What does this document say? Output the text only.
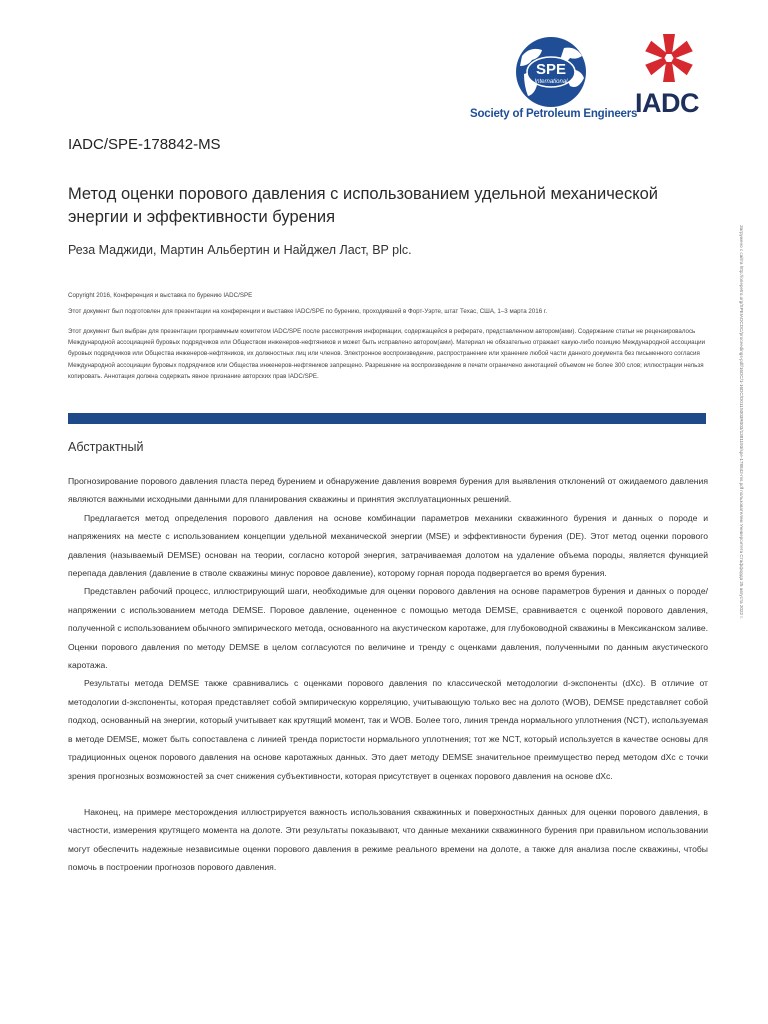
SPE
International
Society of Petroleum Engineers
IADC
IADC/SPE-178842-MS
Метод оценки порового давления с использованием удельной механической энергии и эффективности бурения
Реза Маджиди, Мартин Альбертин и Найджел Ласт, BP plc.
Copyright 2016, Конференция и выставка по бурению IADC/SPE
Этот документ был подготовлен для презентации на конференции и выставке IADC/SPE по бурению, проходившей в Форт-Уэрте, штат Техас, США, 1–3 марта 2016 г.
Этот документ был выбран для презентации программным комитетом IADC/SPE после рассмотрения информации, содержащейся в реферате, представленном автором(ами). Содержание статьи не рецензировалось Международной ассоциацией буровых подрядчиков или Обществом инженеров-нефтяников и может быть исправлено автором(ами). Материал не обязательно отражает какую-либо позицию Международной ассоциации буровых подрядчиков или Общества инженеров-нефтяников, их должностных лиц или членов. Электронное воспроизведение, распространение или хранение любой части данного документа без письменного согласия Международной ассоциации буровых подрядчиков или Общества инженеров-нефтяников запрещено. Разрешение на воспроизведение в печати ограничено аннотацией объемом не более 300 слов; иллюстрации нельзя копировать. Аннотация должна содержать явное признание авторских прав IADC/SPE.
Абстрактный

Прогнозирование порового давления пласта перед бурением и обнаружение давления вовремя бурения для выявления отклонений от ожидаемого давления являются важными исходными данными для планирования скважины и принятия эксплуатационных решений.

Предлагается метод определения порового давления на основе комбинации параметров механики скважинного бурения и данных о породе и напряжениях на месте с использованием концепции удельной механической энергии (MSE) и эффективности бурения (DE). Этот метод оценки порового давления (называемый DEMSE) основан на теории, согласно которой энергия, затрачиваемая долотом на удаление объема породы, является функцией перепада давления (давление в стволе скважины минус поровое давление), которому горная порода подвергается во время бурения.

Представлен рабочий процесс, иллюстрирующий шаги, необходимые для оценки порового давления на основе параметров бурения и данных о породе/напряжении с использованием метода DEMSE. Поровое давление, оцененное с помощью метода DEMSE, сравнивается с оценкой порового давления, полученной с использованием обычного эмпирического метода, основанного на акустическом каротаже, для глубоководной скважины в Мексиканском заливе. Оценки порового давления по методу DEMSE в целом согласуются по величине и тренду с оценками давления, полученными по данным акустического каротажа.

Результаты метода DEMSE также сравнивались с оценками порового давления по классической методологии d-экспоненты (dXc). В отличие от методологии d-экспоненты, которая представляет собой эмпирическую корреляцию, учитывающую только вес на долото (WOB), DEMSE представляет собой подход, основанный на энергии, который учитывает как крутящий момент, так и WOB. Более того, линия тренда нормального уплотнения (NCT), используемая в методе DEMSE, может быть сопоставлена с линией тренда пористости нормального уплотнения; тот же NCT, который используется в качестве основы для традиционных оценок порового давления на основе каротажных данных. Это дает методу DEMSE значительное преимущество перед методом dXc с точки зрения прогнозных возможностей за счет снижения субъективности, которая присутствует в оценках порового давления на основе dXc.

Наконец, на примере месторождения иллюстрируется важность использования скважинных и поверхностных данных для оценки порового давления, в частности, измерения крутящего момента на долоте. Эти результаты показывают, что данные механики скважинного бурения при правильном использовании могут обеспечить надежные независимые оценки порового давления в режиме реального времени на долоте, а также для анализа после скважины, чтобы помочь в построении прогнозов порового давления.

Загружено с сайта http://onepetro.org/SPEIADCDC/proceedings-pdf/16DC/1-16DC/D011S003R003/1381193/spe-178842-ms.pdf пользователем Университета Стаффорда 25 августа 2022 г.
